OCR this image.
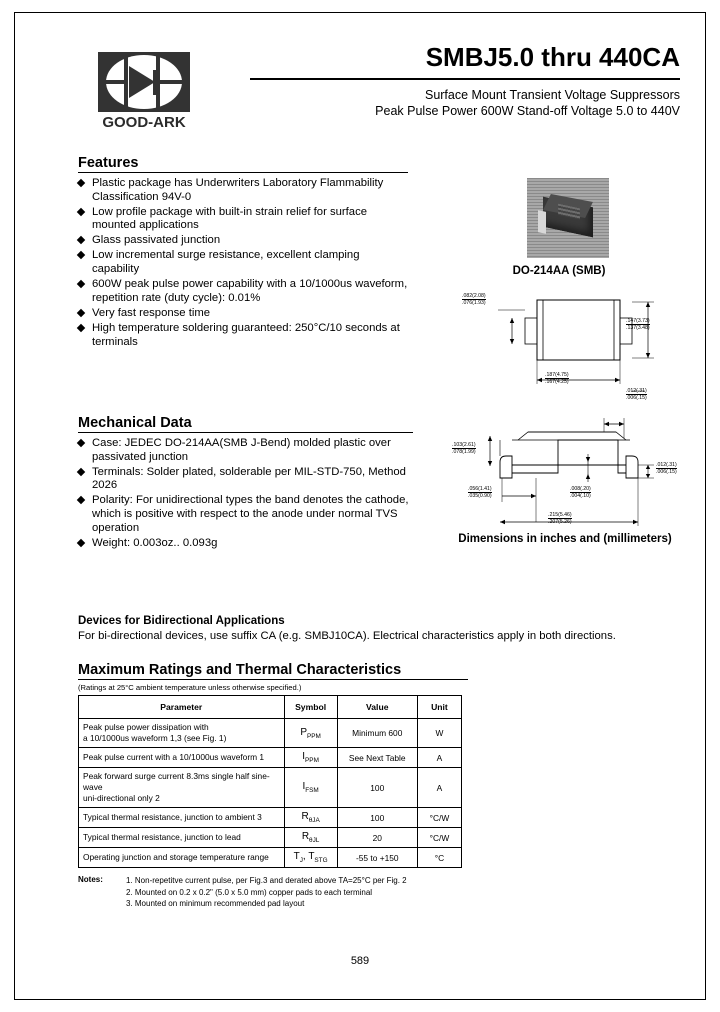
GOOD-ARK
SMBJ5.0 thru 440CA
Surface Mount Transient Voltage Suppressors
Peak Pulse Power 600W Stand-off Voltage 5.0 to 440V
Features
Plastic package has Underwriters Laboratory Flammability Classification 94V-0
Low profile package with built-in strain relief for surface mounted applications
Glass passivated junction
Low incremental surge resistance, excellent clamping capability
600W peak pulse power capability with a 10/1000us waveform, repetition rate (duty cycle): 0.01%
Very fast response time
High temperature soldering guaranteed: 250°C/10 seconds at terminals
Mechanical Data
Case: JEDEC DO-214AA(SMB J-Bend) molded plastic over passivated junction
Terminals: Solder plated, solderable per MIL-STD-750, Method 2026
Polarity: For unidirectional types the band denotes the cathode, which is positive with respect to the anode under normal TVS operation
Weight: 0.003oz.. 0.093g
DO-214AA (SMB)
.082(2.08)
.076(1.93)
.147(3.73)
.137(3.48)
.187(4.75)
.167(4.25)
.012(.31)
.006(.15)
.103(2.61)
.078(1.99)
.056(1.41)
.035(0.90)
.008(.20)
.004(.10)
.012(.31)
.006(.15)
.215(5.46)
.207(5.26)
Dimensions in inches and (millimeters)
Devices for Bidirectional Applications
For bi-directional devices, use suffix CA (e.g. SMBJ10CA). Electrical characteristics apply in both directions.
Maximum Ratings and Thermal Characteristics
(Ratings at 25°C ambient temperature unless otherwise specified.)
Parameter	Symbol	Value	Unit
Peak pulse power dissipation with
a 10/1000us waveform 1,3 (see Fig. 1)	$P_{PPM}$	Minimum 600	W
Peak pulse current with a 10/1000us waveform 1	$I_{PPM}$	See Next Table	A
Peak forward surge current 8.3ms single half sine-wave
uni-directional only 2	$I_{FSM}$	100	A
Typical thermal resistance, junction to ambient 3	$R_{\theta JA}$	100	°C/W
Typical thermal resistance, junction to lead	$R_{\theta JL}$	20	°C/W
Operating junction and storage temperature range	$T_J$, $T_{STG}$	-55 to +150	°C
Notes:	1. Non-repetitve current pulse, per Fig.3 and derated above TA=25°C per Fig. 2
2. Mounted on 0.2 x 0.2" (5.0 x 5.0 mm) copper pads to each terminal
3. Mounted on minimum recommended pad layout
589
